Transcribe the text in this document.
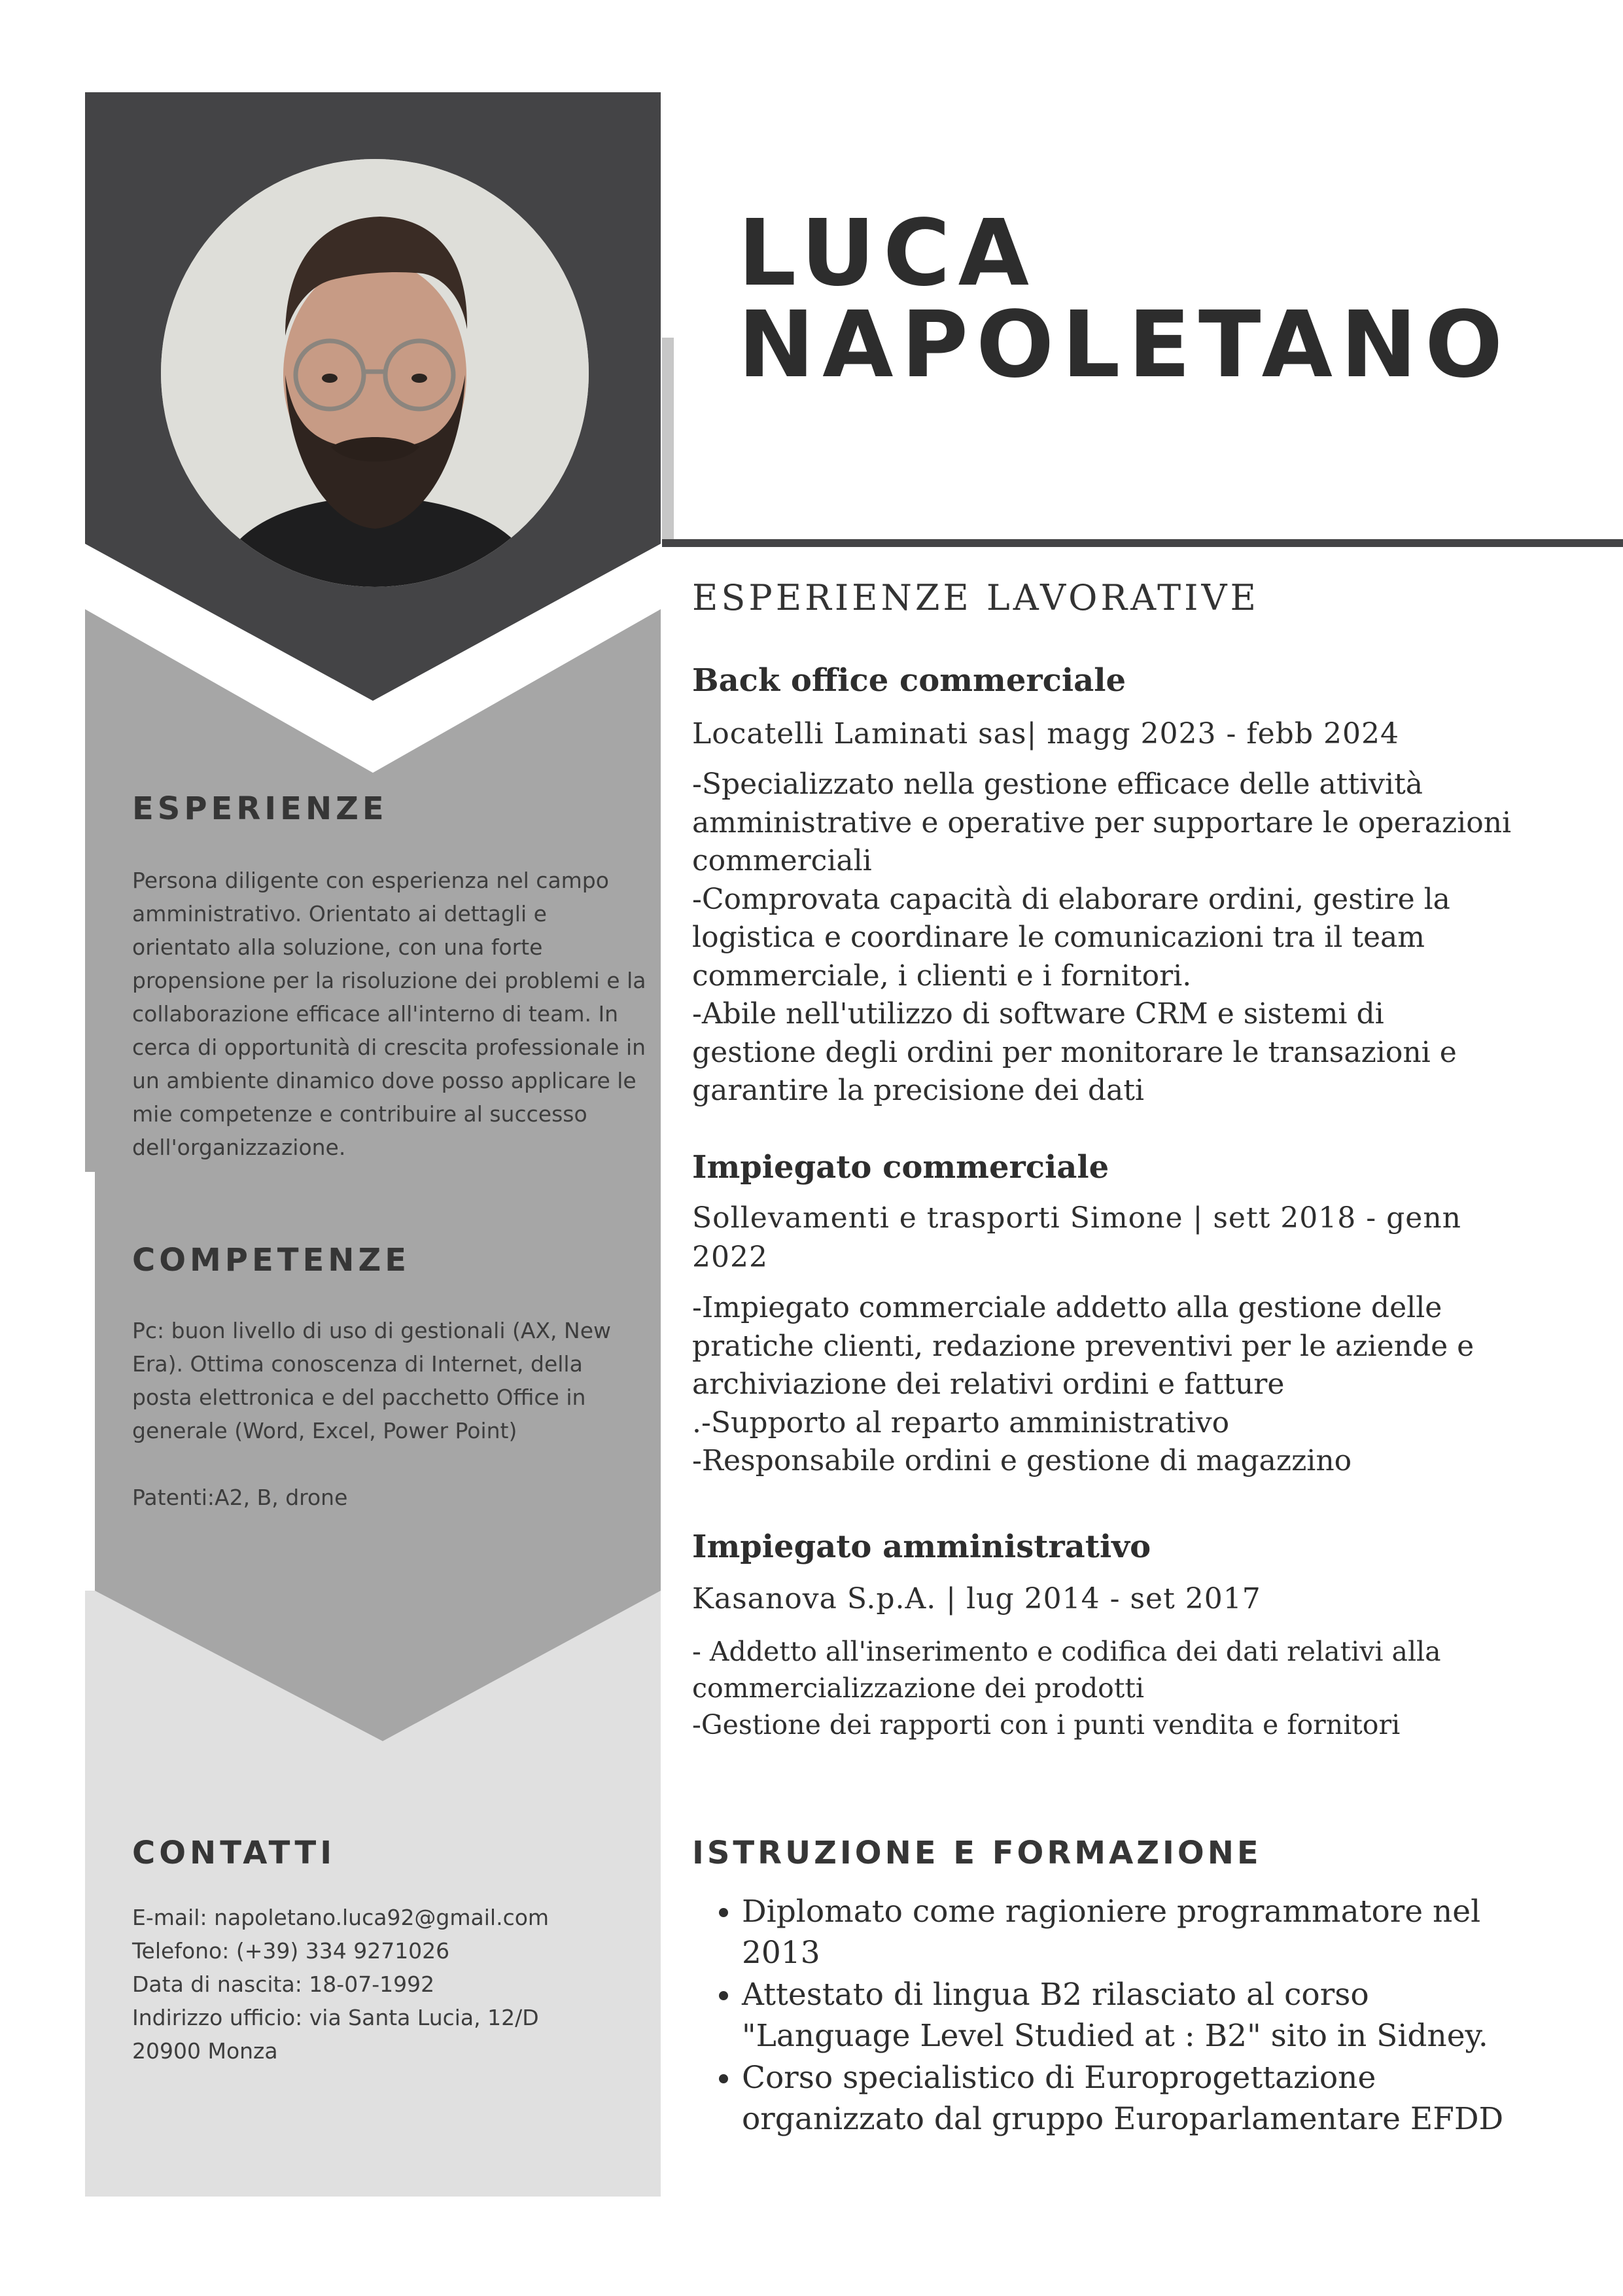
LUCA
NAPOLETANO
ESPERIENZE
Persona diligente con esperienza nel campo amministrativo. Orientato ai dettagli e orientato alla soluzione, con una forte propensione per la risoluzione dei problemi e la collaborazione efficace all'interno di team. In cerca di opportunità di crescita professionale in un ambiente dinamico dove posso applicare le mie competenze e contribuire al successo dell'organizzazione.
COMPETENZE

Pc: buon livello di uso di gestionali (AX, New Era). Ottima conoscenza di Internet, della posta elettronica e del pacchetto Office in generale (Word, Excel, Power Point)

Patenti:A2, B, drone

CONTATTI
E-mail: napoletano.luca92@gmail.com
Telefono: (+39) 334 9271026
Data di nascita: 18-07-1992
Indirizzo ufficio: via Santa Lucia, 12/D
20900 Monza
ESPERIENZE LAVORATIVE
Back office commerciale

Locatelli Laminati sas| magg 2023 - febb 2024

-Specializzato nella gestione efficace delle attività amministrative e operative per supportare le operazioni commerciali

-Comprovata capacità di elaborare ordini, gestire la logistica e coordinare le comunicazioni tra il team commerciale, i clienti e i fornitori.

-Abile nell'utilizzo di software CRM e sistemi di gestione degli ordini per monitorare le transazioni e garantire la precisione dei dati

Impiegato commerciale

Sollevamenti e trasporti Simone | sett 2018 - genn 2022

-Impiegato commerciale addetto alla gestione delle pratiche clienti, redazione preventivi per le aziende e archiviazione dei relativi ordini e fatture

.-Supporto al reparto amministrativo

-Responsabile ordini e gestione di magazzino

Impiegato amministrativo

Kasanova S.p.A. | lug 2014 - set 2017

- Addetto all'inserimento e codifica dei dati relativi alla commercializzazione dei prodotti

-Gestione dei rapporti con i punti vendita e fornitori

ISTRUZIONE E FORMAZIONE
• Diplomato come ragioniere programmatore nel 2013
• Attestato di lingua B2 rilasciato al corso "Language Level Studied at : B2" sito in Sidney.
• Corso specialistico di Europrogettazione organizzato dal gruppo Europarlamentare EFDD
